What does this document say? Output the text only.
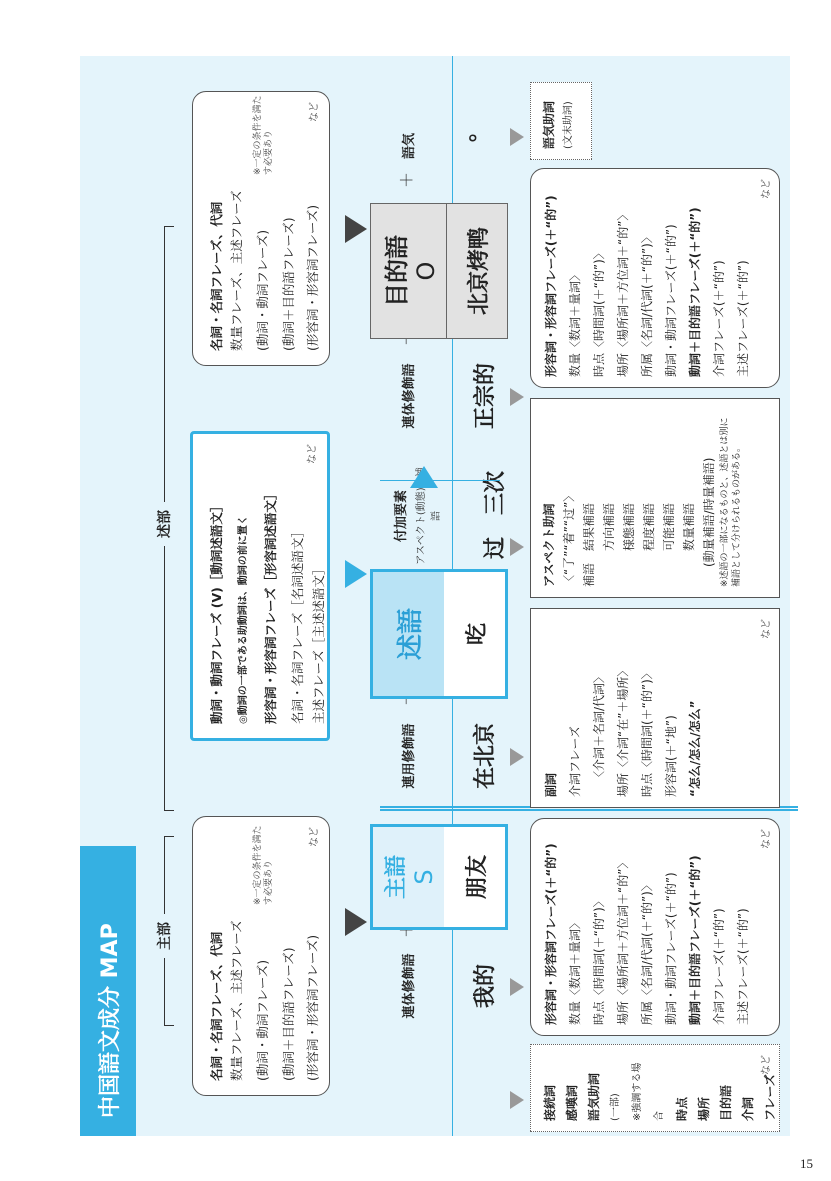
中国語文成分 MAP	主部
述部
名詞・名詞フレーズ、代詞 数量フレーズ、主述フレーズ (動詞・動詞フレーズ) (動詞＋目的語フレーズ) (形容詞・形容詞フレーズ)
※一定の条件を満たす必要あり
など
動詞・動詞フレーズ (V)［動詞述語文］	◎動詞の一部である助動詞は、動詞の前に置く	形容詞・形容詞フレーズ［形容詞述語文］ 名詞・名詞フレーズ［名詞述語文］ 主述フレーズ［主述述語文］
など
名詞・名詞フレーズ、代詞 数量フレーズ、主述フレーズ (動詞・動詞フレーズ) (動詞＋目的語フレーズ) (形容詞・形容詞フレーズ)
※一定の条件を満たす必要あり
など
連体修飾語	我的
主語 S	朋友
連用修飾語	在北京
述語	吃
付加要素 アスペクト(動態)　補語
过
三次
連体修飾語	正宗的
目的語 O	北京烤鸭
＋
語気
。
接続詞 感嘆詞 語気助詞 (一部)	※強調する場合 時点 場所 目的語 介詞 フレーズ
など
形容詞・形容詞フレーズ(＋“的”) 数量〈数詞＋量詞〉 時点〈時間詞(＋“的”)〉 場所〈場所詞＋方位詞＋“的”〉 所属〈名詞/代詞(＋“的”)〉 動詞・動詞フレーズ(＋“的”) 動詞＋目的語フレーズ(＋“的”) 介詞フレーズ(＋“的”) 主述フレーズ(＋“的”)
など
副詞 介詞フレーズ 〈介詞＋名詞/代詞〉 場所〈介詞“在”＋場所〉 時点〈時間詞(＋“的”)〉 形容詞(＋“地”) “怎么/怎么/怎么”
など
アスペクト助詞 〈“了”“着”“过”〉 補語　結果補語 方向補語 様態補語 程度補語 可能補語 数量補語 (動量補語/時量補語) ※述語の一部になるものと、述語とは別に補語として分けられるものがある。
形容詞・形容詞フレーズ(＋“的”) 数量〈数詞＋量詞〉 時点〈時間詞(＋“的”)〉 場所〈場所詞＋方位詞＋“的”〉 所属〈名詞/代詞(＋“的”)〉 動詞・動詞フレーズ(＋“的”) 動詞＋目的語フレーズ(＋“的”) 介詞フレーズ(＋“的”) 主述フレーズ(＋“的”)
など
語気助詞 (文末助詞)
15
